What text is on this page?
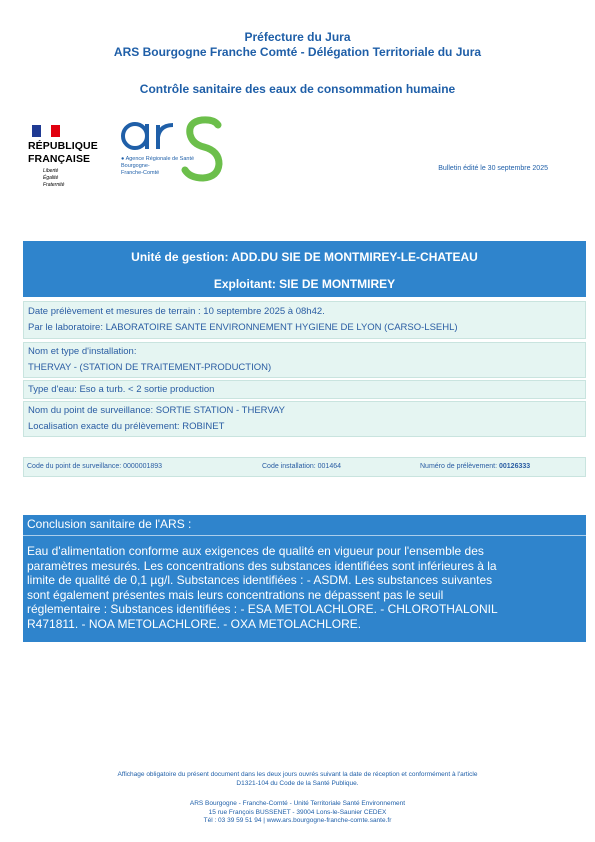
Préfecture du Jura
ARS Bourgogne Franche Comté - Délégation Territoriale du Jura
Contrôle sanitaire des eaux de consommation humaine
RÉPUBLIQUE
FRANÇAISE
Liberté
Égalité
Fraternité
● Agence Régionale de Santé
Bourgogne-
Franche-Comté
Bulletin édité le 30 septembre 2025
Unité de gestion: ADD.DU SIE DE MONTMIREY-LE-CHATEAU
Exploitant: SIE DE MONTMIREY
Date prélèvement et mesures de terrain : 10 septembre 2025 à 08h42.
Par le laboratoire: LABORATOIRE SANTE ENVIRONNEMENT HYGIENE DE LYON (CARSO-LSEHL)
Nom et type d'installation:
THERVAY - (STATION DE TRAITEMENT-PRODUCTION)
Type d'eau: Eso a turb. < 2 sortie production
Nom du point de surveillance: SORTIE STATION - THERVAY
Localisation exacte du prélèvement: ROBINET
Code du point de surveillance: 0000001893	Code installation: 001464	Numéro de prélèvement: 00126333
Conclusion sanitaire de l'ARS :
Eau d'alimentation conforme aux exigences de qualité en vigueur pour l'ensemble des
paramètres mesurés. Les concentrations des substances identifiées sont inférieures à la
limite de qualité de 0,1 µg/l. Substances identifiées : - ASDM. Les substances suivantes
sont également présentes mais leurs concentrations ne dépassent pas le seuil
réglementaire : Substances identifiées : - ESA METOLACHLORE. - CHLOROTHALONIL
R471811. - NOA METOLACHLORE. - OXA METOLACHLORE.
Affichage obligatoire du présent document dans les deux jours ouvrés suivant la date de réception et conformément à l'article
D1321-104 du Code de la Santé Publique.
ARS Bourgogne - Franche-Comté - Unité Territoriale Santé Environnement
15 rue François BUSSENET - 39004 Lons-le-Saunier CEDEX
Tél : 03 39 59 51 94 | www.ars.bourgogne-franche-comte.sante.fr
